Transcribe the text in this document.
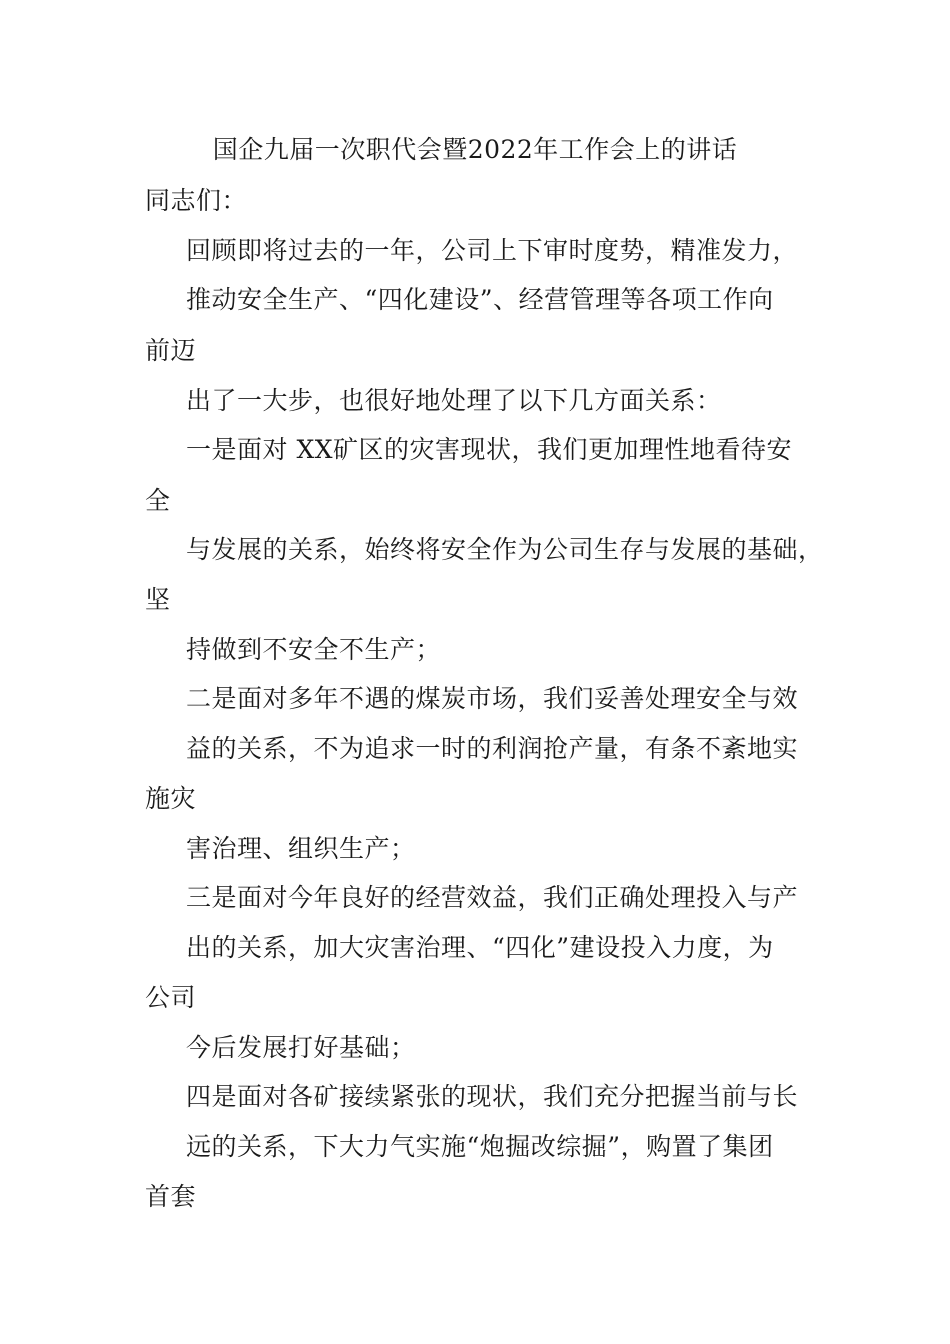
国企九届一次职代会暨2022年工作会上的讲话
同志们：
回顾即将过去的一年，公司上下审时度势，精准发力，
推动安全生产、“四化建设”、经营管理等各项工作向
前迈
出了一大步，也很好地处理了以下几方面关系：
一是面对 XX矿区的灾害现状，我们更加理性地看待安
全
与发展的关系，始终将安全作为公司生存与发展的基础，
坚
持做到不安全不生产；
二是面对多年不遇的煤炭市场，我们妥善处理安全与效
益的关系，不为追求一时的利润抢产量，有条不紊地实
施灾
害治理、组织生产；
三是面对今年良好的经营效益，我们正确处理投入与产
出的关系，加大灾害治理、“四化”建设投入力度，为
公司
今后发展打好基础；
四是面对各矿接续紧张的现状，我们充分把握当前与长
远的关系，下大力气实施“炮掘改综掘”，购置了集团
首套
